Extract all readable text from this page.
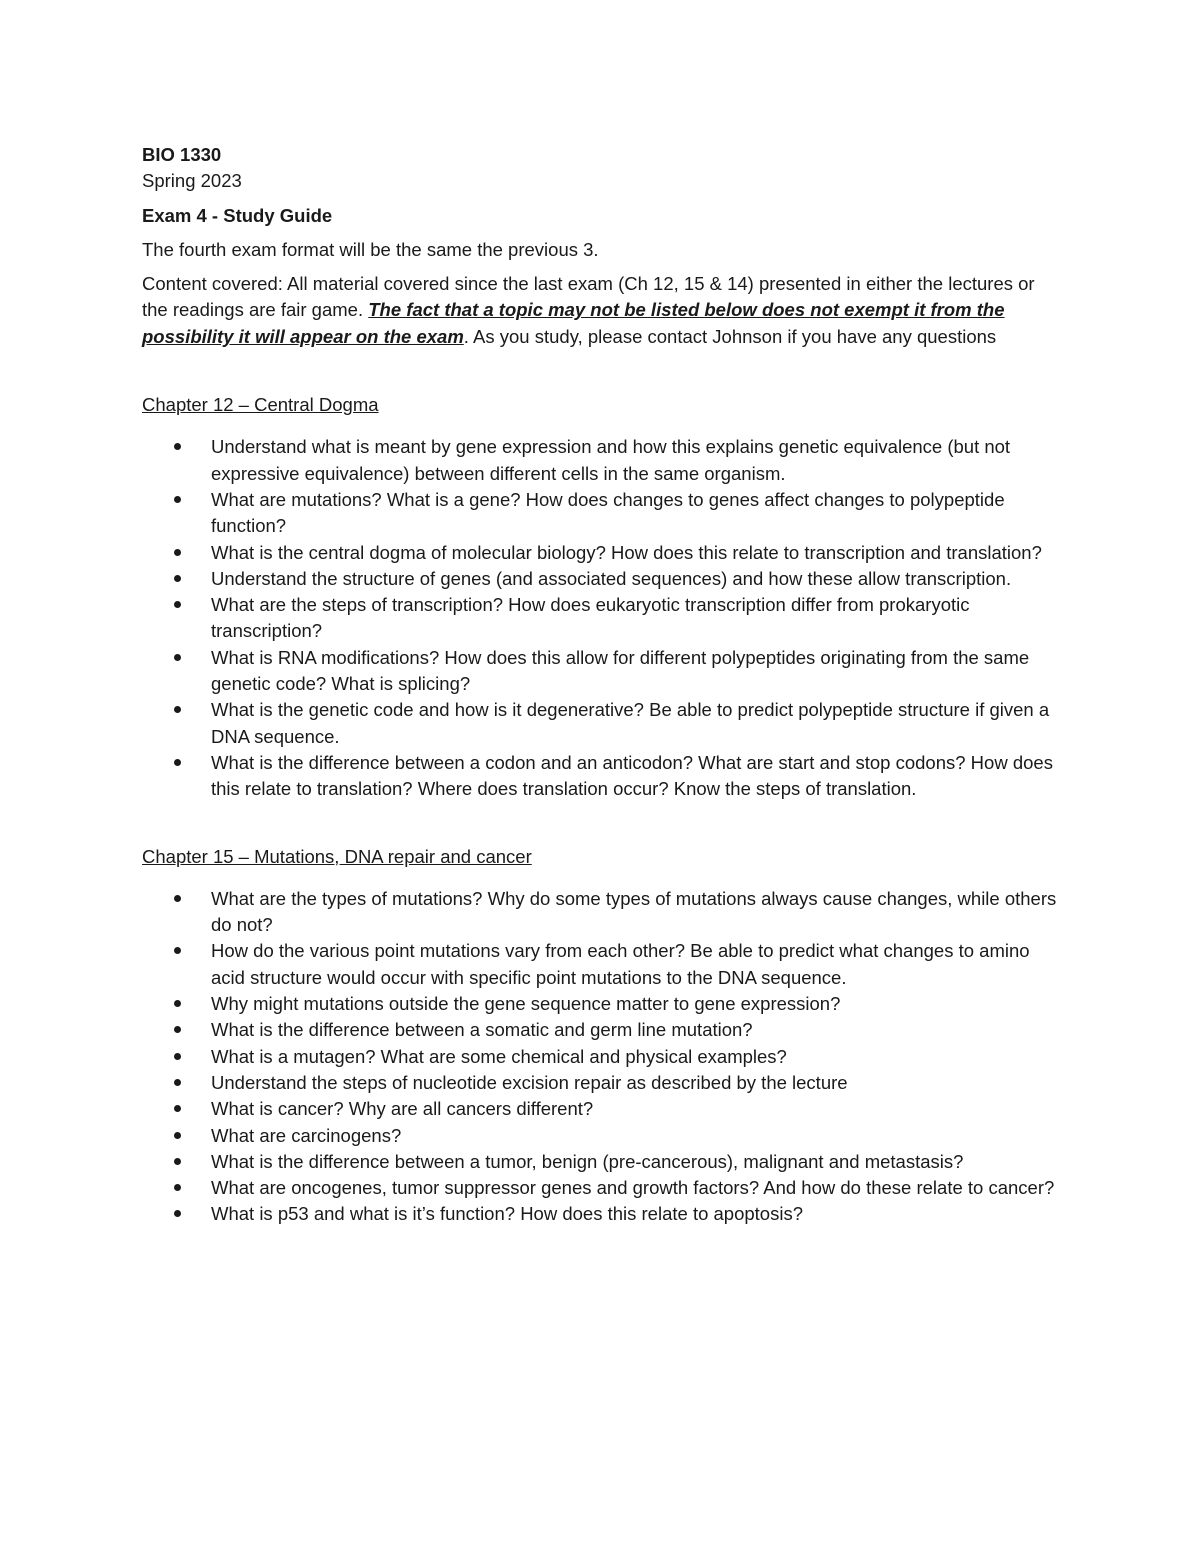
BIO 1330

Spring 2023

Exam 4 - Study Guide

The fourth exam format will be the same the previous 3.

Content covered: All material covered since the last exam (Ch 12, 15 & 14) presented in either the lectures or the readings are fair game. The fact that a topic may not be listed below does not exempt it from the possibility it will appear on the exam. As you study, please contact Johnson if you have any questions

Chapter 12 – Central Dogma

Understand what is meant by gene expression and how this explains genetic equivalence (but not expressive equivalence) between different cells in the same organism.
What are mutations? What is a gene? How does changes to genes affect changes to polypeptide function?
What is the central dogma of molecular biology? How does this relate to transcription and translation?
Understand the structure of genes (and associated sequences) and how these allow transcription.
What are the steps of transcription? How does eukaryotic transcription differ from prokaryotic transcription?
What is RNA modifications? How does this allow for different polypeptides originating from the same genetic code? What is splicing?
What is the genetic code and how is it degenerative? Be able to predict polypeptide structure if given a DNA sequence.
What is the difference between a codon and an anticodon? What are start and stop codons? How does this relate to translation? Where does translation occur? Know the steps of translation.

Chapter 15 – Mutations, DNA repair and cancer

What are the types of mutations? Why do some types of mutations always cause changes, while others do not?
How do the various point mutations vary from each other? Be able to predict what changes to amino acid structure would occur with specific point mutations to the DNA sequence.
Why might mutations outside the gene sequence matter to gene expression?
What is the difference between a somatic and germ line mutation?
What is a mutagen? What are some chemical and physical examples?
Understand the steps of nucleotide excision repair as described by the lecture
What is cancer? Why are all cancers different?
What are carcinogens?
What is the difference between a tumor, benign (pre-cancerous), malignant and metastasis?
What are oncogenes, tumor suppressor genes and growth factors? And how do these relate to cancer?
What is p53 and what is it’s function? How does this relate to apoptosis?
